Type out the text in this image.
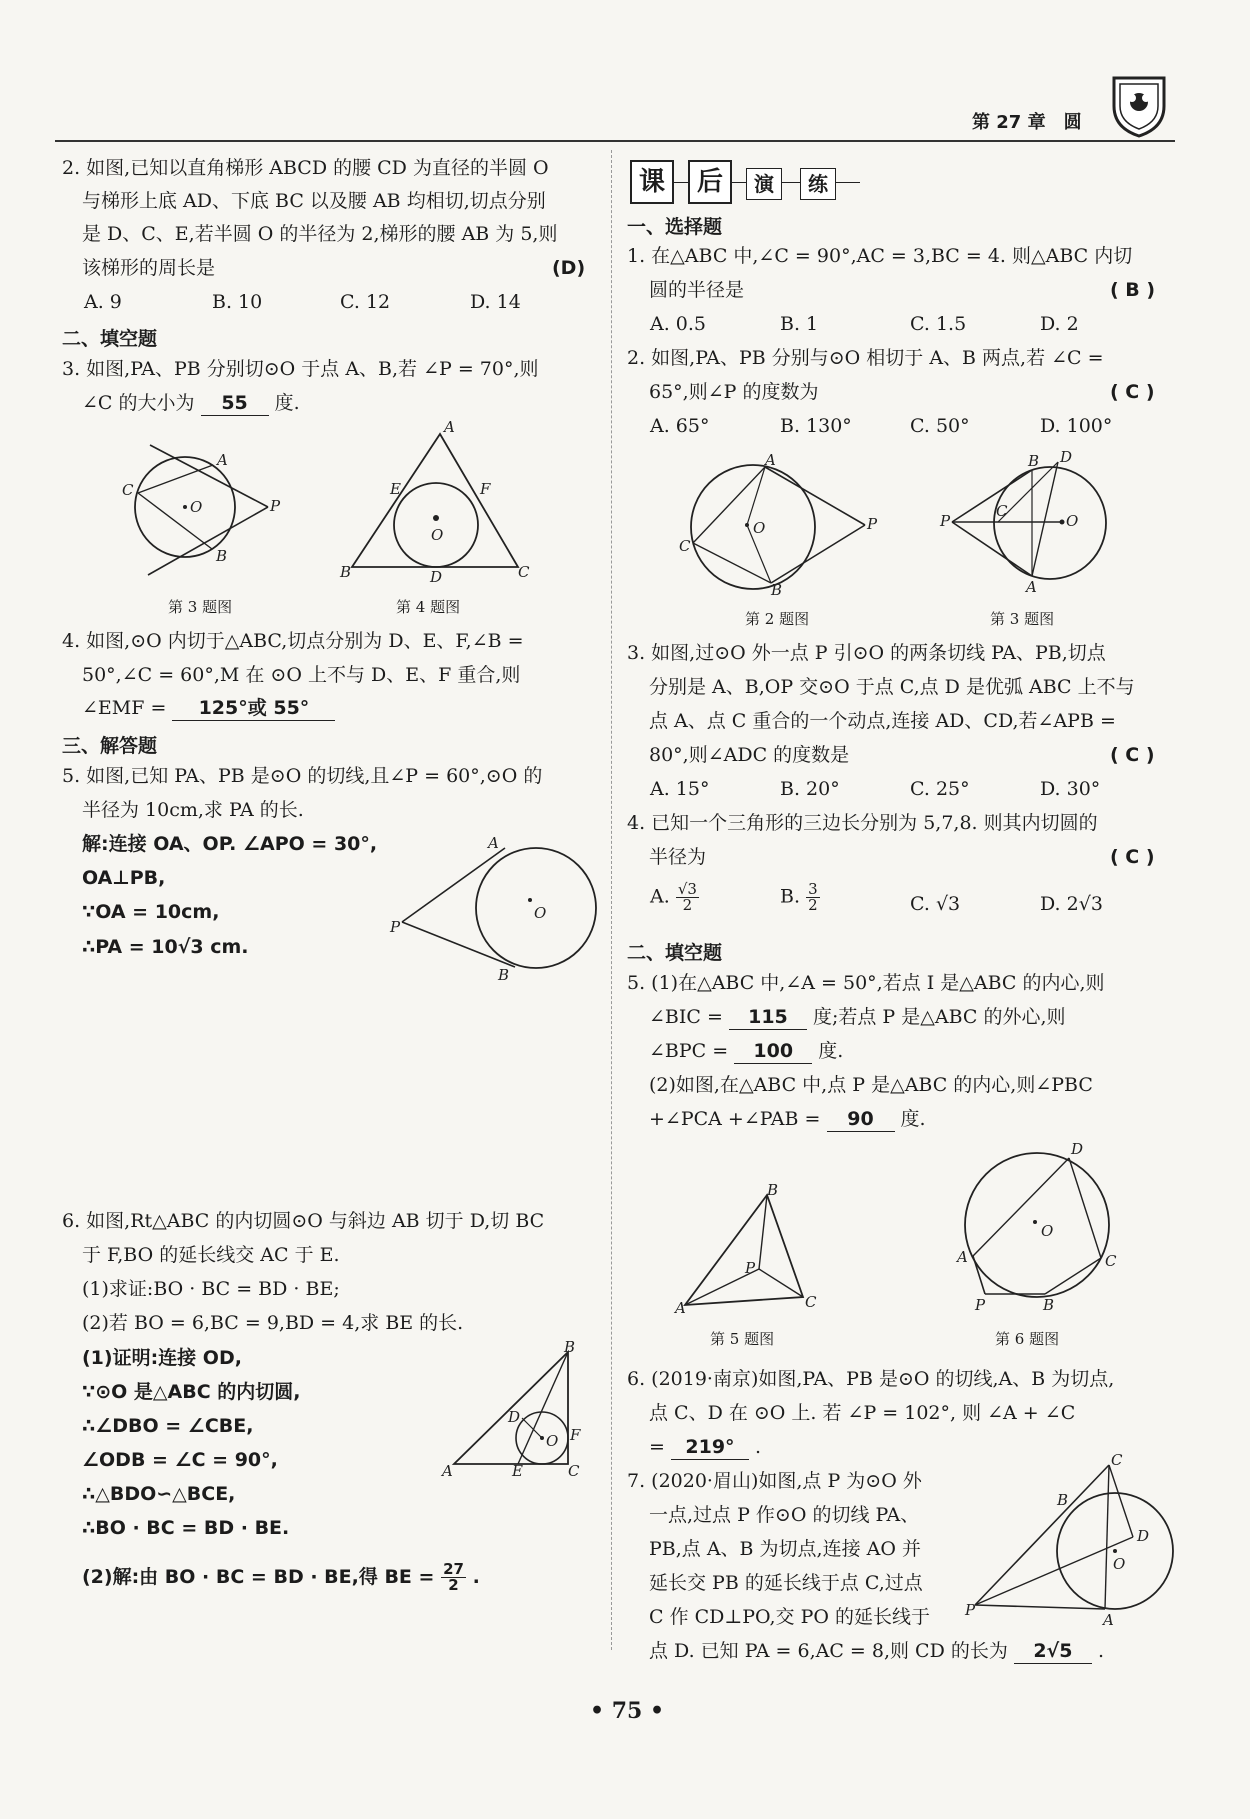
第 27 章　圆
2. 如图,已知以直角梯形 ABCD 的腰 CD 为直径的半圆 O
与梯形上底 AD、下底 BC 以及腰 AB 均相切,切点分别
是 D、C、E,若半圆 O 的半径为 2,梯形的腰 AB 为 5,则
该梯形的周长是	(D)
A. 9	B. 10	C. 12	D. 14
二、填空题
3. 如图,PA、PB 分别切⊙O 于点 A、B,若 ∠P = 70°,则
∠C 的大小为 55 度.
O
A
P
B
C
第 3 题图
A
B	C
D
E	F
O
第 4 题图
4. 如图,⊙O 内切于△ABC,切点分别为 D、E、F,∠B =
50°,∠C = 60°,M 在 ⊙O 上不与 D、E、F 重合,则
∠EMF = 125°或 55°
三、解答题
5. 如图,已知 PA、PB 是⊙O 的切线,且∠P = 60°,⊙O 的
半径为 10cm,求 PA 的长.
解:连接 OA、OP. ∠APO = 30°,
OA⊥PB,
∵OA = 10cm,
∴PA = 10√3 cm.
O
A
P
B
6. 如图,Rt△ABC 的内切圆⊙O 与斜边 AB 切于 D,切 BC
于 F,BO 的延长线交 AC 于 E.
(1)求证:BO · BC = BD · BE;
(2)若 BO = 6,BC = 9,BD = 4,求 BE 的长.
(1)证明:连接 OD,
∵⊙O 是△ABC 的内切圆,
∴∠DBO = ∠CBE,
∠ODB = ∠C = 90°,
∴△BDO∽△BCE,
∴BO · BC = BD · BE.
(2)解:由 BO · BC = BD · BE,得 BE = $\frac{27}{2}$ .
B
A	C
D
E
F
O
课	后	演	练
一、选择题
1. 在△ABC 中,∠C = 90°,AC = 3,BC = 4. 则△ABC 内切
圆的半径是	( B )
A. 0.5	B. 1	C. 1.5	D. 2
2. 如图,PA、PB 分别与⊙O 相切于 A、B 两点,若 ∠C =
65°,则∠P 的度数为	( C )
A. 65°	B. 130°	C. 50°	D. 100°
O
A
P
B
C
第 2 题图
B D
P
C
O
A
第 3 题图
3. 如图,过⊙O 外一点 P 引⊙O 的两条切线 PA、PB,切点
分别是 A、B,OP 交⊙O 于点 C,点 D 是优弧 ABC 上不与
点 A、点 C 重合的一个动点,连接 AD、CD,若∠APB =
80°,则∠ADC 的度数是	( C )
A. 15°	B. 20°	C. 25°	D. 30°
4. 已知一个三角形的三边长分别为 5,7,8. 则其内切圆的
半径为	( C )
A. $\frac{√3}{2}$	B. $\frac{3}{2}$	C. √3	D. 2√3
二、填空题
5. (1)在△ABC 中,∠A = 50°,若点 I 是△ABC 的内心,则
∠BIC = 115 度;若点 P 是△ABC 的外心,则
∠BPC = 100 度.
(2)如图,在△ABC 中,点 P 是△ABC 的内心,则∠PBC
+∠PCA +∠PAB = 90 度.
B
A	C
P
第 5 题图
D
O
A	C
P	B
第 6 题图
6. (2019·南京)如图,PA、PB 是⊙O 的切线,A、B 为切点,
点 C、D 在 ⊙O 上. 若 ∠P = 102°, 则 ∠A + ∠C
= 219° .
7. (2020·眉山)如图,点 P 为⊙O 外
一点,过点 P 作⊙O 的切线 PA、
PB,点 A、B 为切点,连接 AO 并
延长交 PB 的延长线于点 C,过点
C 作 CD⊥PO,交 PO 的延长线于
点 D. 已知 PA = 6,AC = 8,则 CD 的长为 2√5 .
C
B
D
O
P
A
• 75 •
